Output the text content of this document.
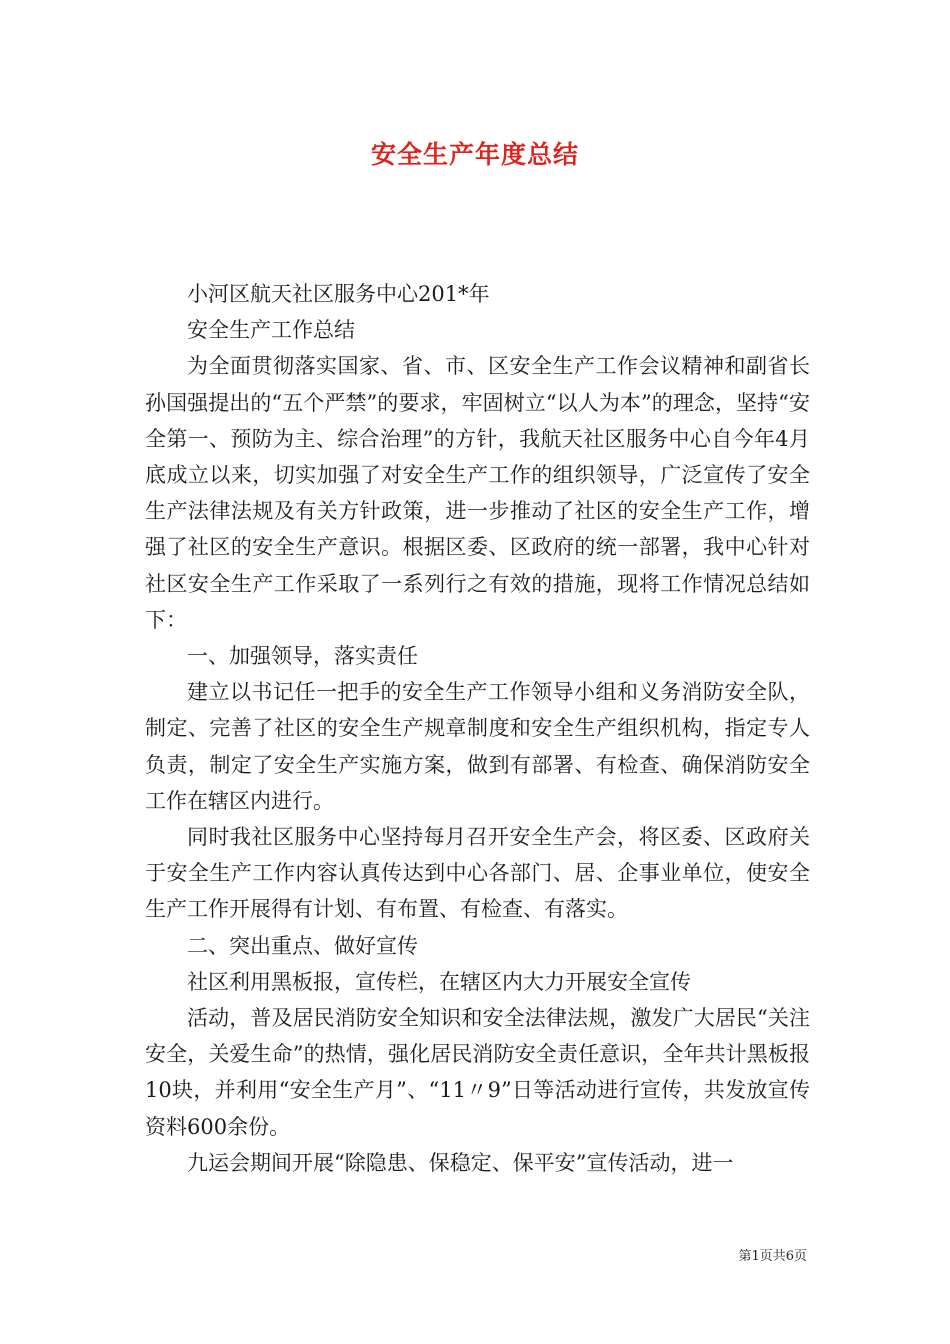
安全生产年度总结

小河区航天社区服务中心201*年

安全生产工作总结

为全面贯彻落实国家、省、市、区安全生产工作会议精神和副省长孙国强提出的“五个严禁”的要求，牢固树立“以人为本”的理念，坚持“安全第一、预防为主、综合治理”的方针，我航天社区服务中心自今年4月底成立以来，切实加强了对安全生产工作的组织领导，广泛宣传了安全生产法律法规及有关方针政策，进一步推动了社区的安全生产工作，增强了社区的安全生产意识。根据区委、区政府的统一部署，我中心针对社区安全生产工作采取了一系列行之有效的措施，现将工作情况总结如下：

一、加强领导，落实责任

建立以书记任一把手的安全生产工作领导小组和义务消防安全队，制定、完善了社区的安全生产规章制度和安全生产组织机构，指定专人负责，制定了安全生产实施方案，做到有部署、有检查、确保消防安全工作在辖区内进行。

同时我社区服务中心坚持每月召开安全生产会，将区委、区政府关于安全生产工作内容认真传达到中心各部门、居、企事业单位，使安全生产工作开展得有计划、有布置、有检查、有落实。

二、突出重点、做好宣传

社区利用黑板报，宣传栏，在辖区内大力开展安全宣传

活动，普及居民消防安全知识和安全法律法规，激发广大居民“关注安全，关爱生命”的热情，强化居民消防安全责任意识，全年共计黑板报10块，并利用“安全生产月”、“11〃9”日等活动进行宣传，共发放宣传资料600余份。

九运会期间开展“除隐患、保稳定、保平安”宣传活动，进一

第1页共6页
